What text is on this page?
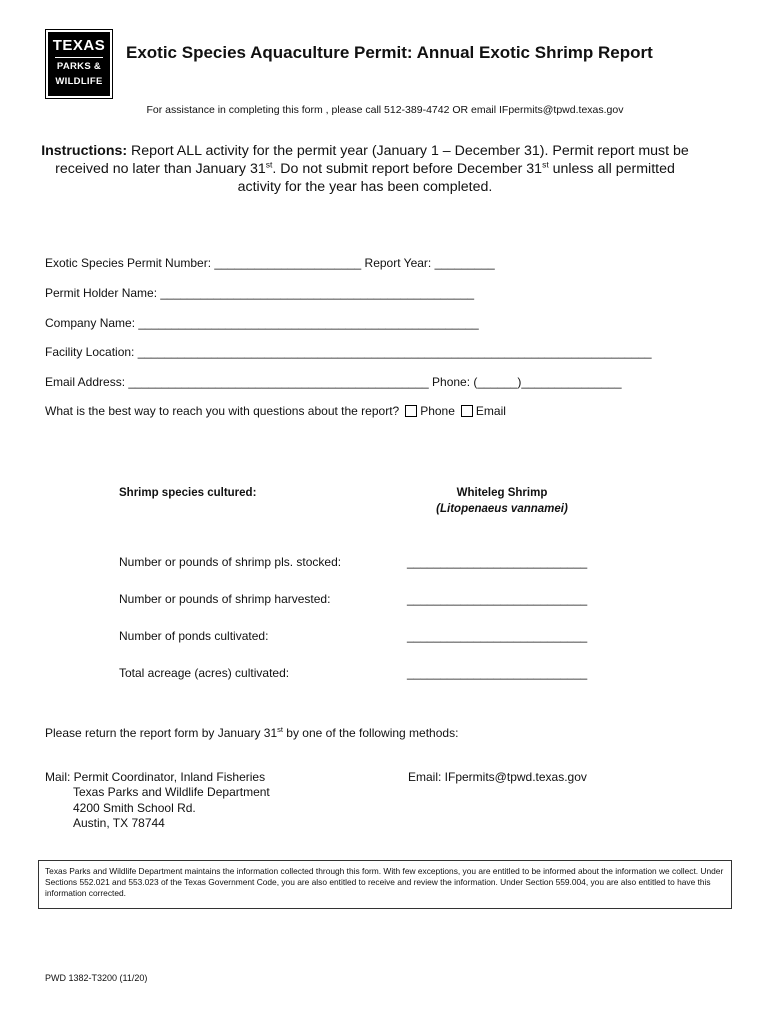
TEXAS
PARKS &
WILDLIFE
Exotic Species Aquaculture Permit: Annual Exotic Shrimp Report
For assistance in completing this form , please call 512-389-4742 OR email IFpermits@tpwd.texas.gov
Instructions: Report ALL activity for the permit year (January 1 – December 31). Permit report must be received no later than January 31st. Do not submit report before December 31st unless all permitted activity for the year has been completed.
Exotic Species Permit Number: ______________________ Report Year: _________
Permit Holder Name: _______________________________________________
Company Name: ___________________________________________________
Facility Location: _____________________________________________________________________________
Email Address: _____________________________________________ Phone: (______)_______________
What is the best way to reach you with questions about the report? Phone Email
Shrimp species cultured:	Whiteleg Shrimp
(Litopenaeus vannamei)
Number or pounds of shrimp pls. stocked:	___________________________
Number or pounds of shrimp harvested:	___________________________
Number of ponds cultivated:	___________________________
Total acreage (acres) cultivated:	___________________________
Please return the report form by January 31st by one of the following methods:
Mail: Permit Coordinator, Inland Fisheries
Texas Parks and Wildlife Department
4200 Smith School Rd.
Austin, TX 78744
Email: IFpermits@tpwd.texas.gov
Texas Parks and Wildlife Department maintains the information collected through this form. With few exceptions, you are entitled to be informed about the information we collect. Under Sections 552.021 and 553.023 of the Texas Government Code, you are also entitled to receive and review the information. Under Section 559.004, you are also entitled to have this information corrected.
PWD 1382-T3200 (11/20)
